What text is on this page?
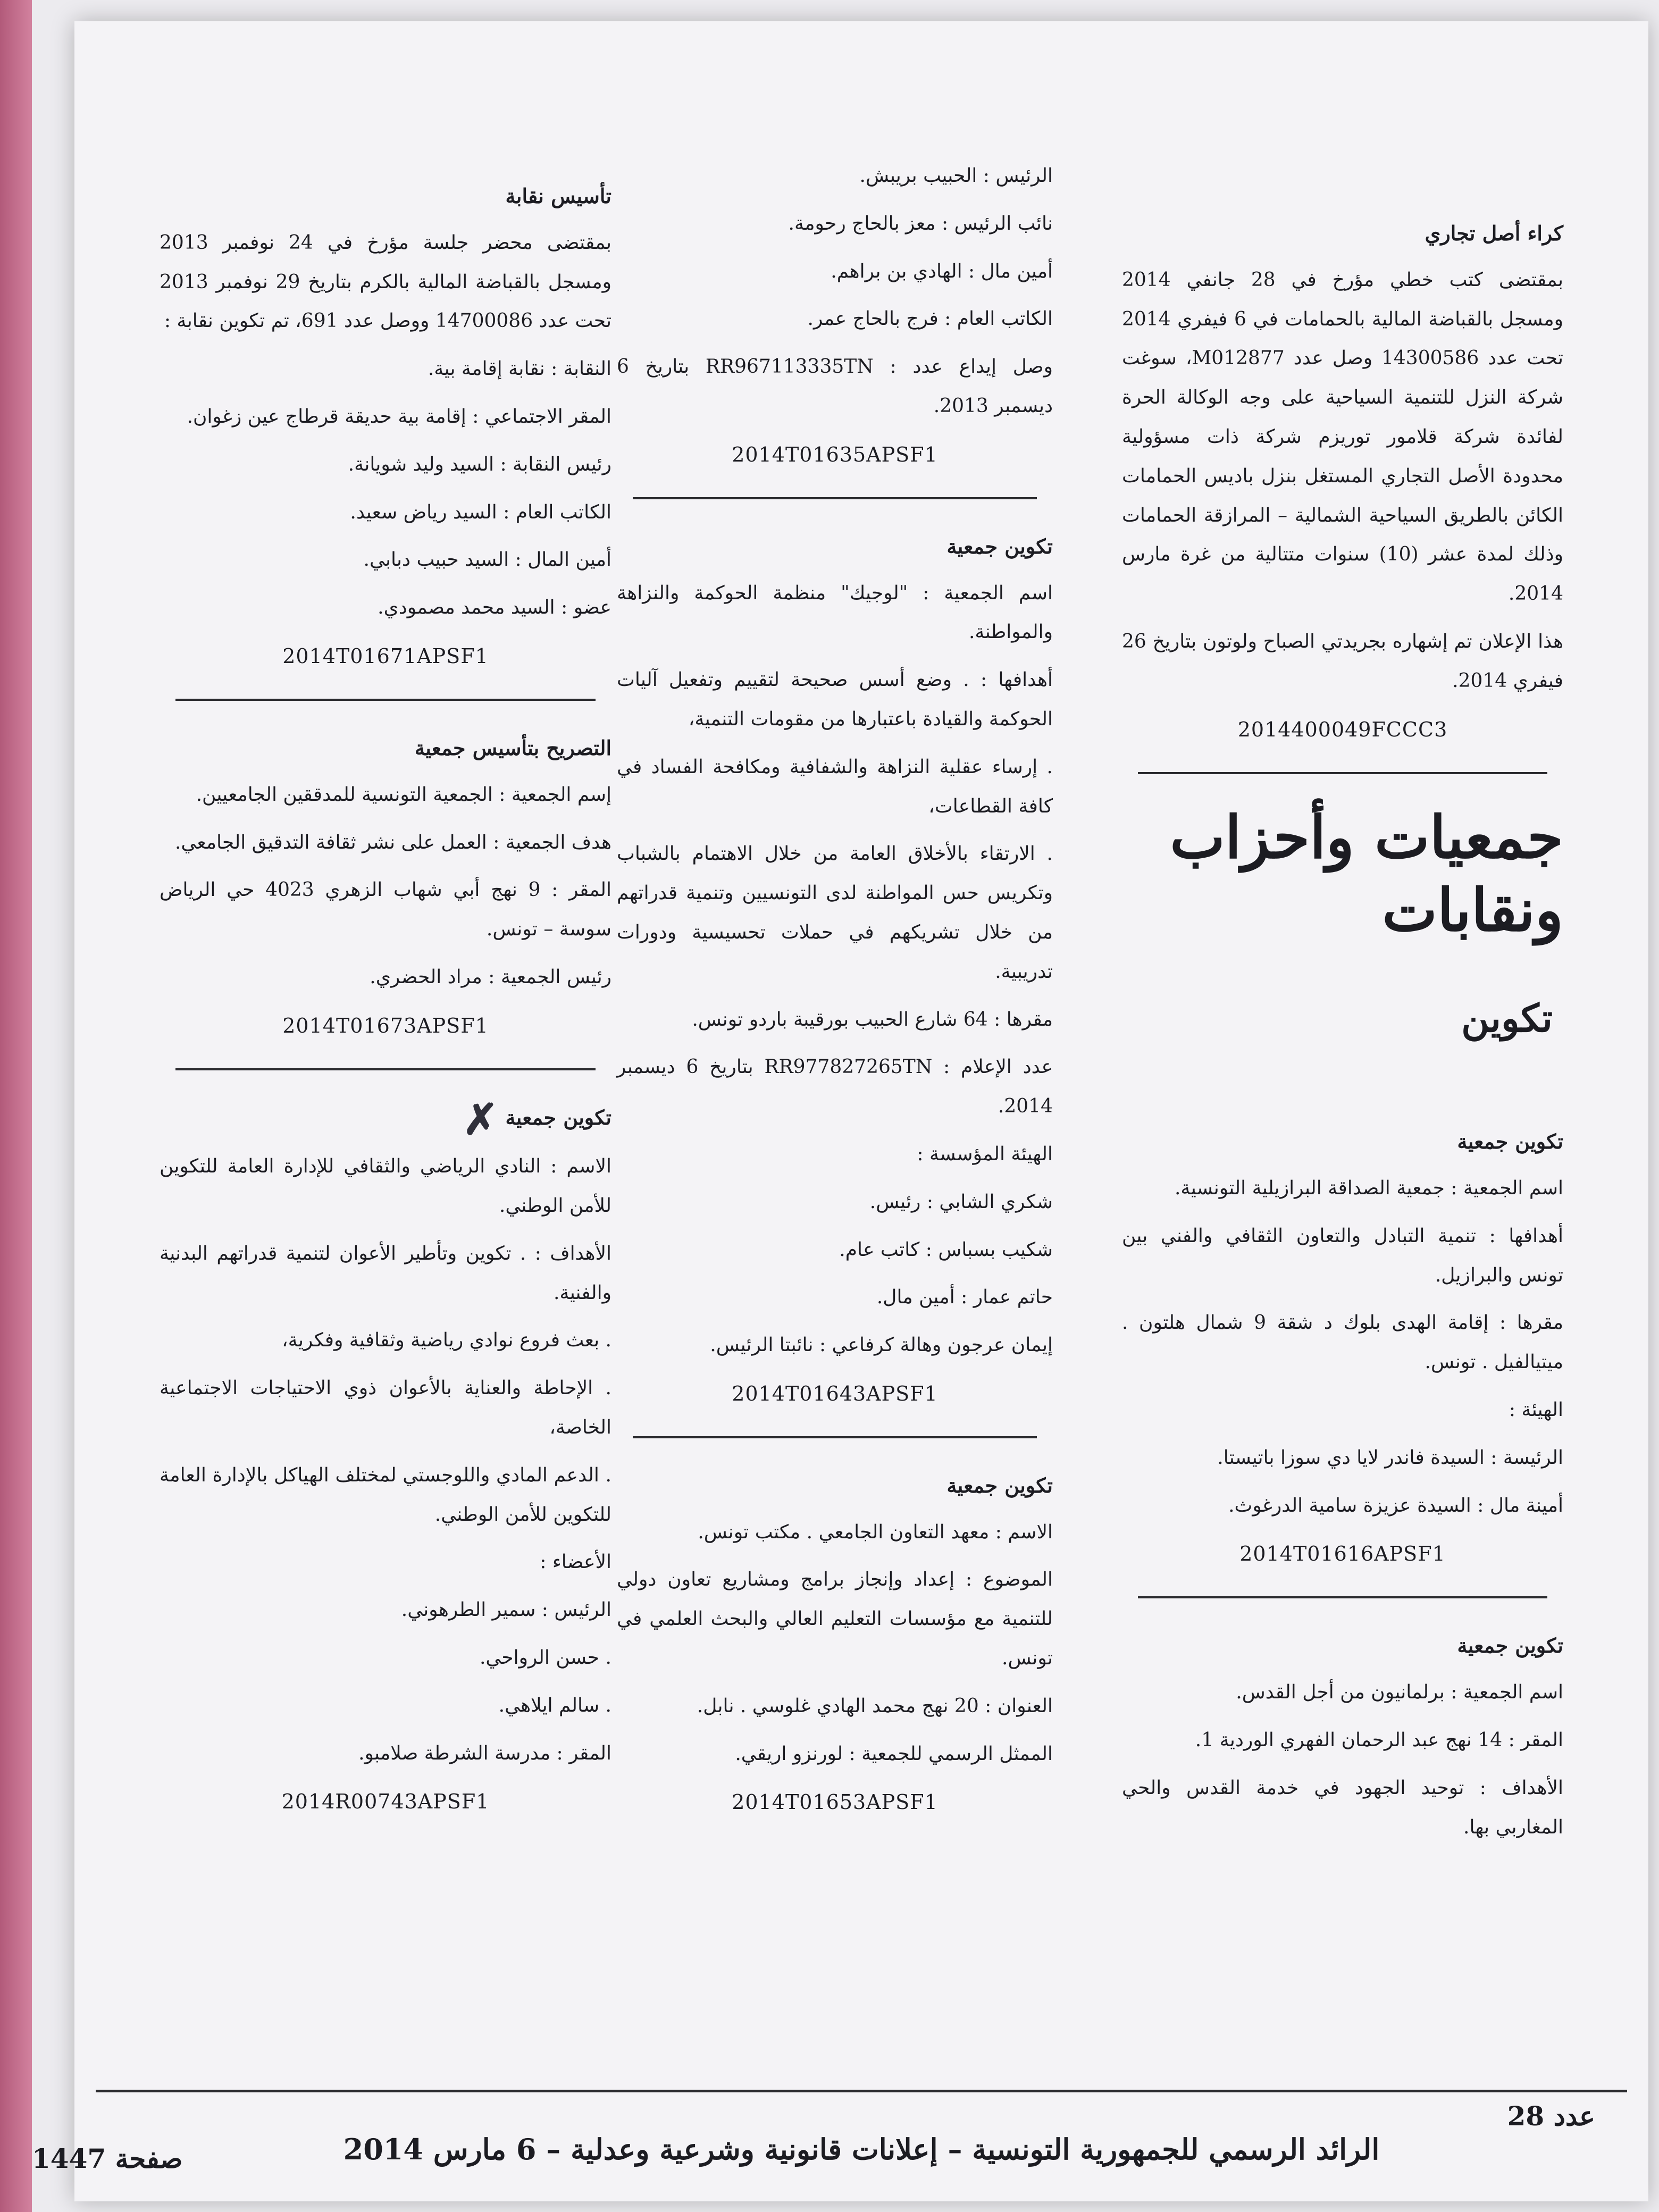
كراء أصل تجاري
بمقتضى كتب خطي مؤرخ في 28 جانفي 2014 ومسجل بالقباضة المالية بالحمامات في 6 فيفري 2014 تحت عدد 14300586 وصل عدد M012877، سوغت شركة النزل للتنمية السياحية على وجه الوكالة الحرة لفائدة شركة قلامور توريزم شركة ذات مسؤولية محدودة الأصل التجاري المستغل بنزل باديس الحمامات الكائن بالطريق السياحية الشمالية – المرازقة الحمامات وذلك لمدة عشر (10) سنوات متتالية من غرة مارس 2014.
هذا الإعلان تم إشهاره بجريدتي الصباح ولوتون بتاريخ 26 فيفري 2014.
2014400049FCCC3
جمعيات وأحزاب ونقابات
تكوين
تكوين جمعية
اسم الجمعية : جمعية الصداقة البرازيلية التونسية.
أهدافها : تنمية التبادل والتعاون الثقافي والفني بين تونس والبرازيل.
مقرها : إقامة الهدى بلوك د شقة 9 شمال هلتون . ميتيالفيل . تونس.
الهيئة :
الرئيسة : السيدة فاندر لايا دي سوزا باتيستا.
أمينة مال : السيدة عزيزة سامية الدرغوث.
2014T01616APSF1
تكوين جمعية
اسم الجمعية : برلمانيون من أجل القدس.
المقر : 14 نهج عبد الرحمان الفهري الوردية 1.
الأهداف : توحيد الجهود في خدمة القدس والحي المغاربي بها.
الرئيس : الحبيب بريبش.
نائب الرئيس : معز بالحاج رحومة.
أمين مال : الهادي بن براهم.
الكاتب العام : فرج بالحاج عمر.
وصل إيداع عدد : RR967113335TN بتاريخ 6 ديسمبر 2013.
2014T01635APSF1
تكوين جمعية
اسم الجمعية : "لوجيك" منظمة الحوكمة والنزاهة والمواطنة.
أهدافها : . وضع أسس صحيحة لتقييم وتفعيل آليات الحوكمة والقيادة باعتبارها من مقومات التنمية،
. إرساء عقلية النزاهة والشفافية ومكافحة الفساد في كافة القطاعات،
. الارتقاء بالأخلاق العامة من خلال الاهتمام بالشباب وتكريس حس المواطنة لدى التونسيين وتنمية قدراتهم من خلال تشريكهم في حملات تحسيسية ودورات تدريبية.
مقرها : 64 شارع الحبيب بورقيبة باردو تونس.
عدد الإعلام : RR977827265TN بتاريخ 6 ديسمبر 2014.
الهيئة المؤسسة :
شكري الشابي : رئيس.
شكيب بسباس : كاتب عام.
حاتم عمار : أمين مال.
إيمان عرجون وهالة كرفاعي : نائبتا الرئيس.
2014T01643APSF1
تكوين جمعية
الاسم : معهد التعاون الجامعي . مكتب تونس.
الموضوع : إعداد وإنجاز برامج ومشاريع تعاون دولي للتنمية مع مؤسسات التعليم العالي والبحث العلمي في تونس.
العنوان : 20 نهج محمد الهادي غلوسي . نابل.
الممثل الرسمي للجمعية : لورنزو اريقي.
2014T01653APSF1
تأسيس نقابة
بمقتضى محضر جلسة مؤرخ في 24 نوفمبر 2013 ومسجل بالقباضة المالية بالكرم بتاريخ 29 نوفمبر 2013 تحت عدد 14700086 ووصل عدد 691، تم تكوين نقابة :
النقابة : نقابة إقامة بية.
المقر الاجتماعي : إقامة بية حديقة قرطاج عين زغوان.
رئيس النقابة : السيد وليد شويانة.
الكاتب العام : السيد رياض سعيد.
أمين المال : السيد حبيب دبابي.
عضو : السيد محمد مصمودي.
2014T01671APSF1
التصريح بتأسيس جمعية
إسم الجمعية : الجمعية التونسية للمدققين الجامعيين.
هدف الجمعية : العمل على نشر ثقافة التدقيق الجامعي.
المقر : 9 نهج أبي شهاب الزهري 4023 حي الرياض سوسة – تونس.
رئيس الجمعية : مراد الحضري.
2014T01673APSF1
تكوين جمعية ✗
الاسم : النادي الرياضي والثقافي للإدارة العامة للتكوين للأمن الوطني.
الأهداف : . تكوين وتأطير الأعوان لتنمية قدراتهم البدنية والفنية.
. بعث فروع نوادي رياضية وثقافية وفكرية،
. الإحاطة والعناية بالأعوان ذوي الاحتياجات الاجتماعية الخاصة،
. الدعم المادي واللوجستي لمختلف الهياكل بالإدارة العامة للتكوين للأمن الوطني.
الأعضاء :
الرئيس : سمير الطرهوني.
. حسن الرواحي.
. سالم ايلاهي.
المقر : مدرسة الشرطة صلامبو.
2014R00743APSF1
عدد 28
الرائد الرسمي للجمهورية التونسية – إعلانات قانونية وشرعية وعدلية – 6 مارس 2014
صفحة 1447
